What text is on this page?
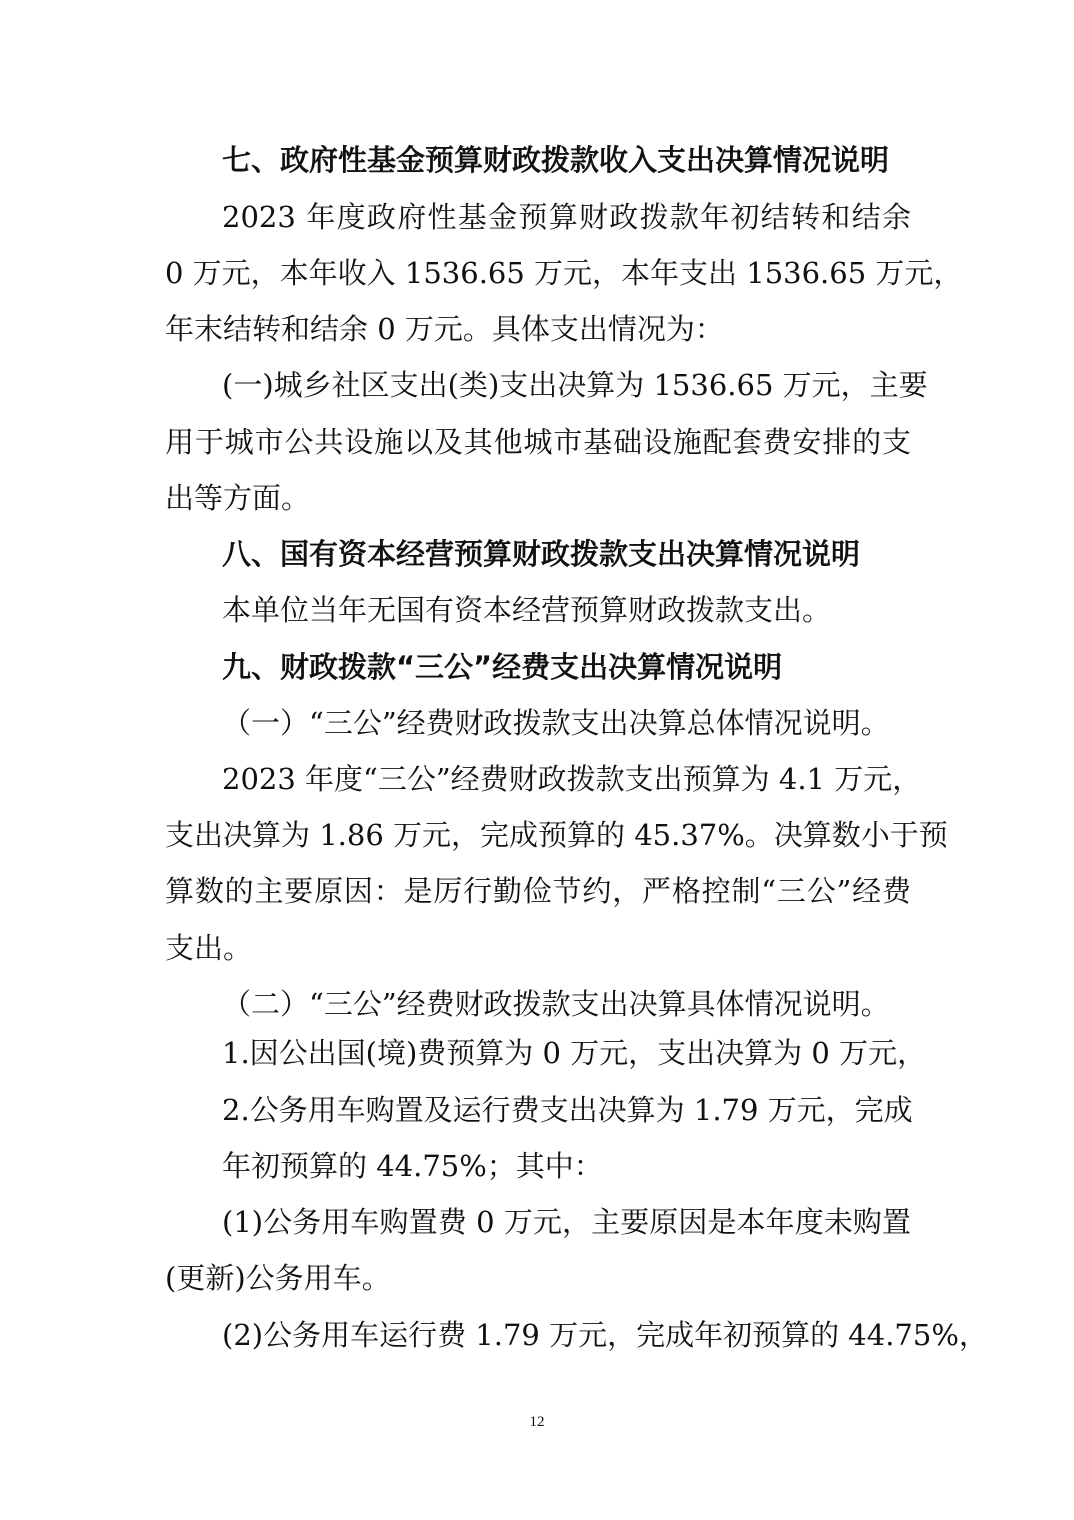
七、政府性基金预算财政拨款收入支出决算情况说明
2023 年度政府性基金预算财政拨款年初结转和结余
0 万元，本年收入 1536.65 万元，本年支出 1536.65 万元，
年末结转和结余 0 万元。具体支出情况为：
(一)城乡社区支出(类)支出决算为 1536.65 万元，主要
用于城市公共设施以及其他城市基础设施配套费安排的支
出等方面。
八、国有资本经营预算财政拨款支出决算情况说明
本单位当年无国有资本经营预算财政拨款支出。
九、财政拨款“三公”经费支出决算情况说明
（一）“三公”经费财政拨款支出决算总体情况说明。
2023 年度“三公”经费财政拨款支出预算为 4.1 万元，
支出决算为 1.86 万元，完成预算的 45.37%。决算数小于预
算数的主要原因：是厉行勤俭节约，严格控制“三公”经费
支出。
（二）“三公”经费财政拨款支出决算具体情况说明。
1.因公出国(境)费预算为 0 万元，支出决算为 0 万元，
2.公务用车购置及运行费支出决算为 1.79 万元，完成
年初预算的 44.75%；其中：
(1)公务用车购置费 0 万元，主要原因是本年度未购置
(更新)公务用车。
(2)公务用车运行费 1.79 万元，完成年初预算的 44.75%，
12
